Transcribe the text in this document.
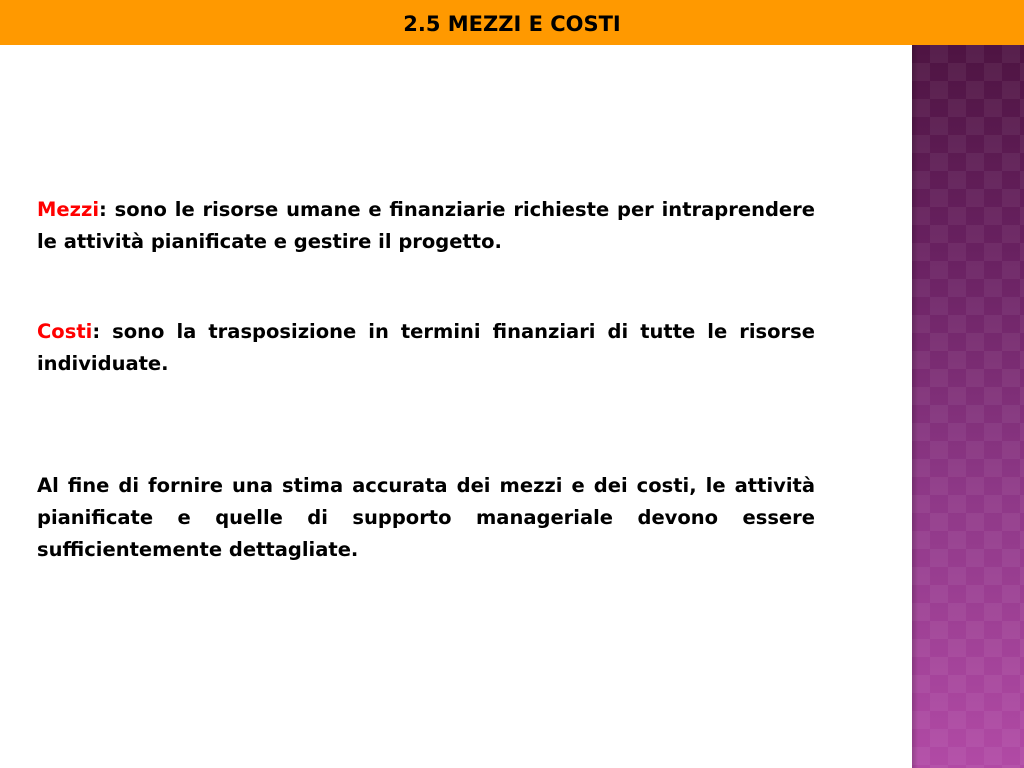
2.5 MEZZI E COSTI

Mezzi: sono le risorse umane e finanziarie richieste per intraprendere le attività pianificate e gestire il progetto.

Costi: sono la trasposizione in termini finanziari di tutte le risorse individuate.

Al fine di fornire una stima accurata dei mezzi e dei costi, le attività pianificate e quelle di supporto manageriale devono essere sufficientemente dettagliate.
